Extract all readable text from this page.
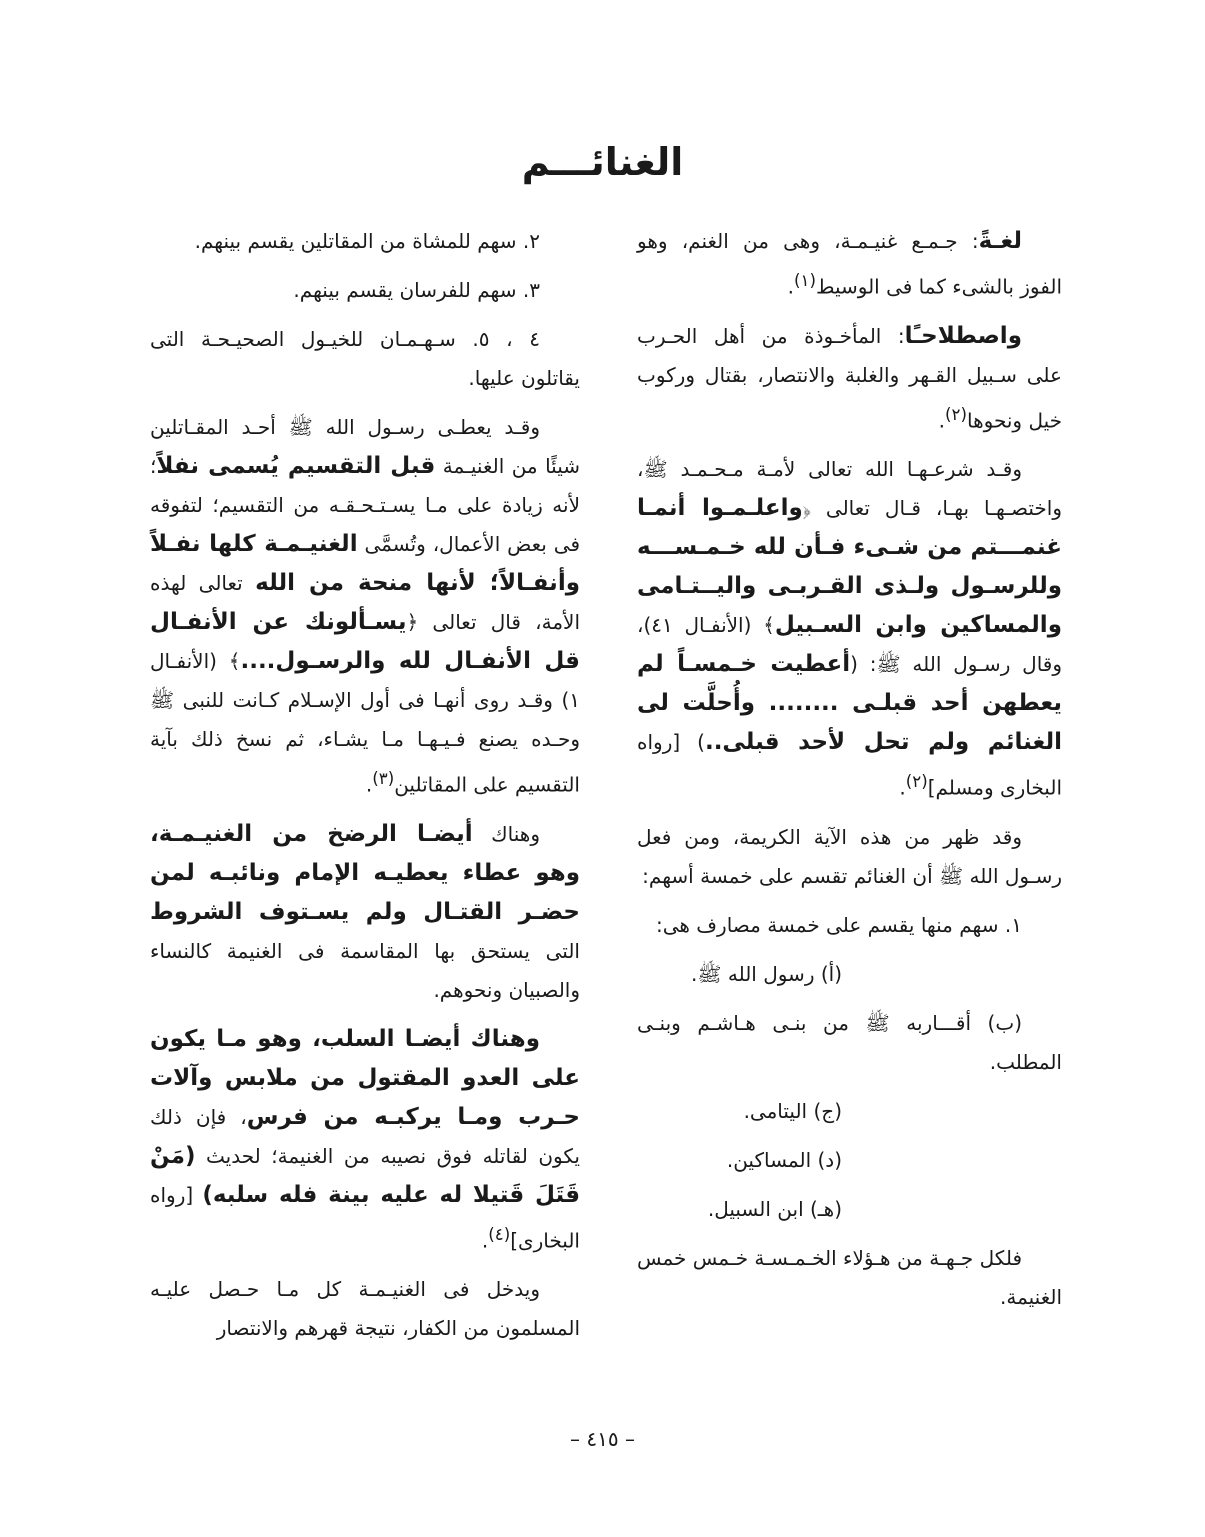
الغنائـــم

لغـةً: جـمـع غنيـمـة، وهى من الغنم، وهو الفوز بالشىء كما فى الوسيط$^{(١)}$.

واصطلاحـًا: المأخـوذة من أهل الحـرب على سـبيل القـهر والغلبة والانتصار، بقتال وركوب خيل ونحوها$^{(٢)}$.

وقـد شرعـهـا الله تعالى لأمـة مـحـمـد ﷺ، واختصـهـا بهـا، قـال تعالى ﴿واعلـمـوا أنمـا غنمـــتم من شـىء فـأن لله خـمـســـه وللرسـول ولـذى القـربـى واليــتـامى والمساكين وابن السـبيل﴾ (الأنفـال ٤١)، وقال رسـول الله ﷺ: (أعطيت خـمسـاً لم يعطهن أحد قبلـى ........ وأُحلَّت لى الغنائم ولم تحل لأحد قبلى..) [رواه البخارى ومسلم]$^{(٢)}$.

وقد ظهر من هذه الآية الكريمة، ومن فعل رسـول الله ﷺ أن الغنائم تقسم على خمسة أسهم:

١. سهم منها يقسم على خمسة مصارف هى:

(أ) رسول الله ﷺ.

(ب) أقـــاربه ﷺ من بنـى هـاشـم وبنـى المطلب.

(ج) اليتامى.

(د) المساكين.

(هـ) ابن السبيل.

فلكل جـهـة من هـؤلاء الخـمـسـة خـمس خمس الغنيمة.

٢. سهم للمشاة من المقاتلين يقسم بينهم.

٣. سهم للفرسان يقسم بينهم.

٤ ، ٥. سـهـمـان للخيـول الصحيـحـة التى يقاتلون عليها.

وقـد يعطـى رسـول الله ﷺ أحـد المقـاتلين شيئًا من الغنيـمة قبل التقسيم يُسمى نفلاً؛ لأنه زيادة على مـا يسـتـحـقـه من التقسيم؛ لتفوقه فى بعض الأعمال، وتُسمَّى الغنيـمـة كلها نفـلاً وأنفـالاً؛ لأنها منحة من الله تعالى لهذه الأمة، قال تعالى ﴿يسـألونك عن الأنفـال قل الأنفـال لله والرسـول....﴾ (الأنفـال ١) وقـد روى أنهـا فى أول الإسـلام كـانت للنبى ﷺ وحـده يصنع فـيـهـا مـا يشـاء، ثم نسخ ذلك بآية التقسيم على المقاتلين$^{(٣)}$.

وهناك أيضـا الرضخ من الغنيـمـة، وهو عطاء يعطيـه الإمام ونائبـه لمن حضـر القتـال ولم يسـتوف الشروط التى يستحق بها المقاسمة فى الغنيمة كالنساء والصبيان ونحوهم.

وهناك أيضـا السلب، وهو مـا يكون على العدو المقتول من ملابس وآلات حـرب ومـا يركبـه من فرس، فإن ذلك يكون لقاتله فوق نصيبه من الغنيمة؛ لحديث (مَنْ قَتَلَ قَتيلا له عليه بينة فله سلبه) [رواه البخارى]$^{(٤)}$.

ويدخل فى الغنيـمـة كل مـا حـصل عليـه المسلمون من الكفار، نتيجة قهرهم والانتصار

– ٤١٥ –
